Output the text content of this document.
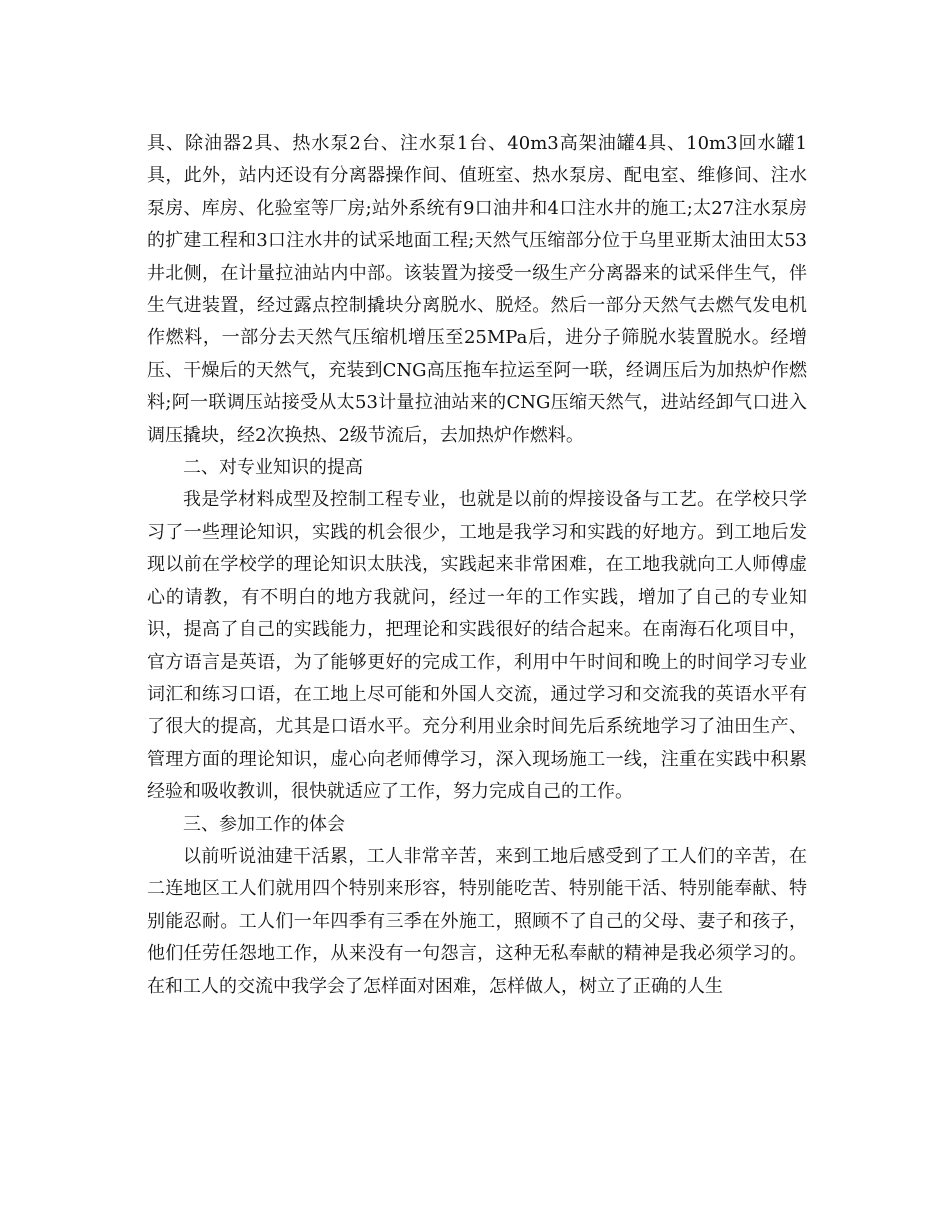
具、除油器2具、热水泵2台、注水泵1台、40m3高架油罐4具、10m3回水罐1具，此外，站内还设有分离器操作间、值班室、热水泵房、配电室、维修间、注水泵房、库房、化验室等厂房;站外系统有9口油井和4口注水井的施工;太27注水泵房的扩建工程和3口注水井的试采地面工程;天然气压缩部分位于乌里亚斯太油田太53井北侧，在计量拉油站内中部。该装置为接受一级生产分离器来的试采伴生气，伴生气进装置，经过露点控制撬块分离脱水、脱烃。然后一部分天然气去燃气发电机作燃料，一部分去天然气压缩机增压至25MPa后，进分子筛脱水装置脱水。经增压、干燥后的天然气，充装到CNG高压拖车拉运至阿一联，经调压后为加热炉作燃料;阿一联调压站接受从太53计量拉油站来的CNG压缩天然气，进站经卸气口进入调压撬块，经2次换热、2级节流后，去加热炉作燃料。

二、对专业知识的提高

我是学材料成型及控制工程专业，也就是以前的焊接设备与工艺。在学校只学习了一些理论知识，实践的机会很少，工地是我学习和实践的好地方。到工地后发现以前在学校学的理论知识太肤浅，实践起来非常困难，在工地我就向工人师傅虚心的请教，有不明白的地方我就问，经过一年的工作实践，增加了自己的专业知识，提高了自己的实践能力，把理论和实践很好的结合起来。在南海石化项目中，官方语言是英语，为了能够更好的完成工作，利用中午时间和晚上的时间学习专业词汇和练习口语，在工地上尽可能和外国人交流，通过学习和交流我的英语水平有了很大的提高，尤其是口语水平。充分利用业余时间先后系统地学习了油田生产、管理方面的理论知识，虚心向老师傅学习，深入现场施工一线，注重在实践中积累经验和吸收教训，很快就适应了工作，努力完成自己的工作。

三、参加工作的体会

以前听说油建干活累，工人非常辛苦，来到工地后感受到了工人们的辛苦，在二连地区工人们就用四个特别来形容，特别能吃苦、特别能干活、特别能奉献、特别能忍耐。工人们一年四季有三季在外施工，照顾不了自己的父母、妻子和孩子，他们任劳任怨地工作，从来没有一句怨言，这种无私奉献的精神是我必须学习的。在和工人的交流中我学会了怎样面对困难，怎样做人，树立了正确的人生
